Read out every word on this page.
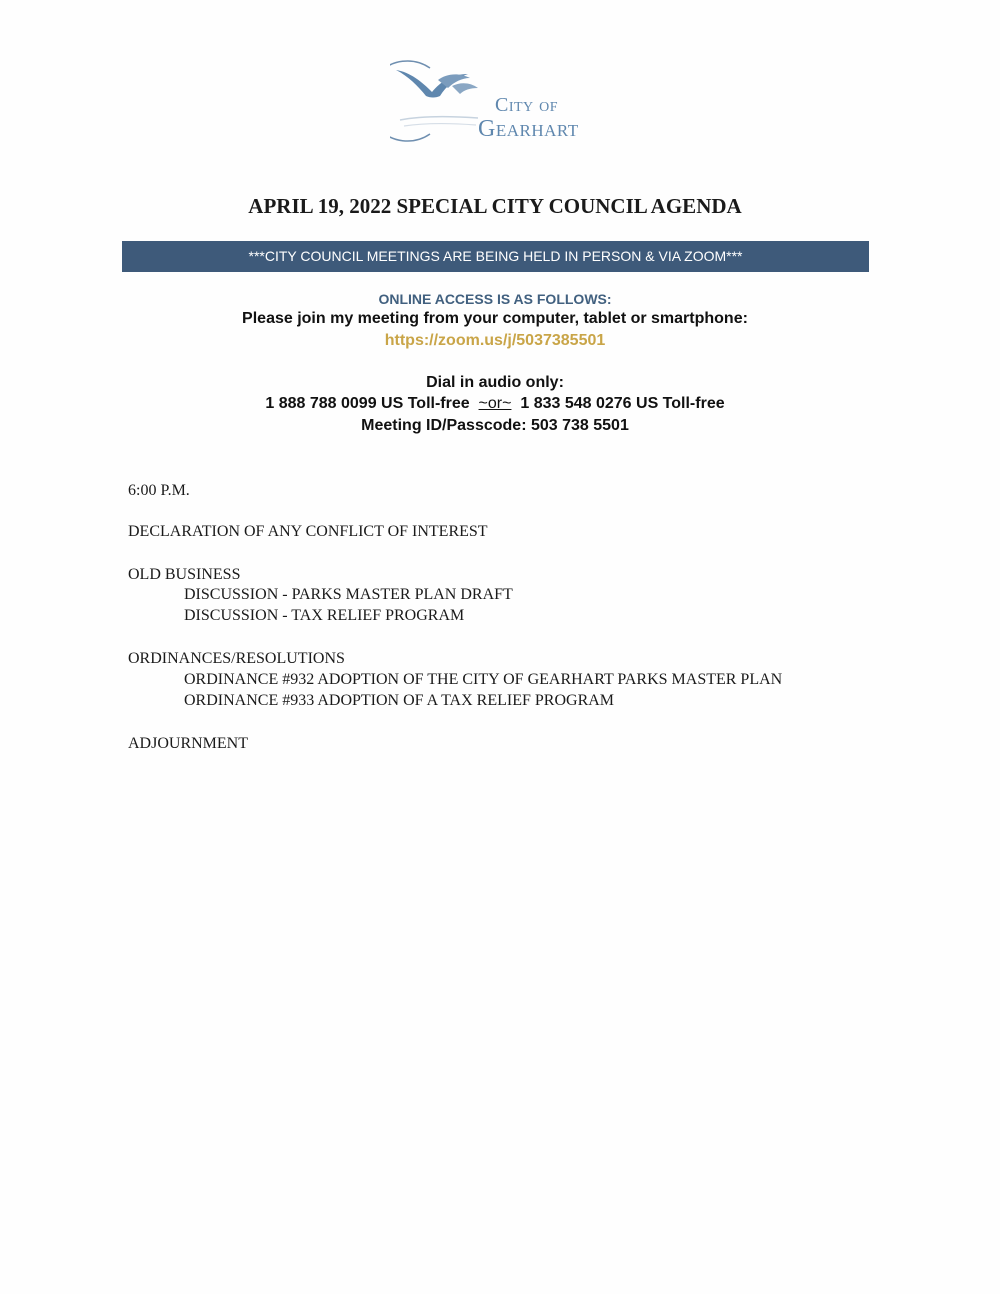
City of
Gearhart
APRIL 19, 2022 SPECIAL CITY COUNCIL AGENDA
***CITY COUNCIL MEETINGS ARE BEING HELD IN PERSON & VIA ZOOM***
ONLINE ACCESS IS AS FOLLOWS:
Please join my meeting from your computer, tablet or smartphone:
https://zoom.us/j/5037385501
Dial in audio only:
1 888 788 0099 US Toll-free ~or~ 1 833 548 0276 US Toll-free
Meeting ID/Passcode: 503 738 5501
6:00 P.M.
DECLARATION OF ANY CONFLICT OF INTEREST
OLD BUSINESS
DISCUSSION - PARKS MASTER PLAN DRAFT
DISCUSSION - TAX RELIEF PROGRAM
ORDINANCES/RESOLUTIONS
ORDINANCE #932 ADOPTION OF THE CITY OF GEARHART PARKS MASTER PLAN
ORDINANCE #933 ADOPTION OF A TAX RELIEF PROGRAM
ADJOURNMENT
